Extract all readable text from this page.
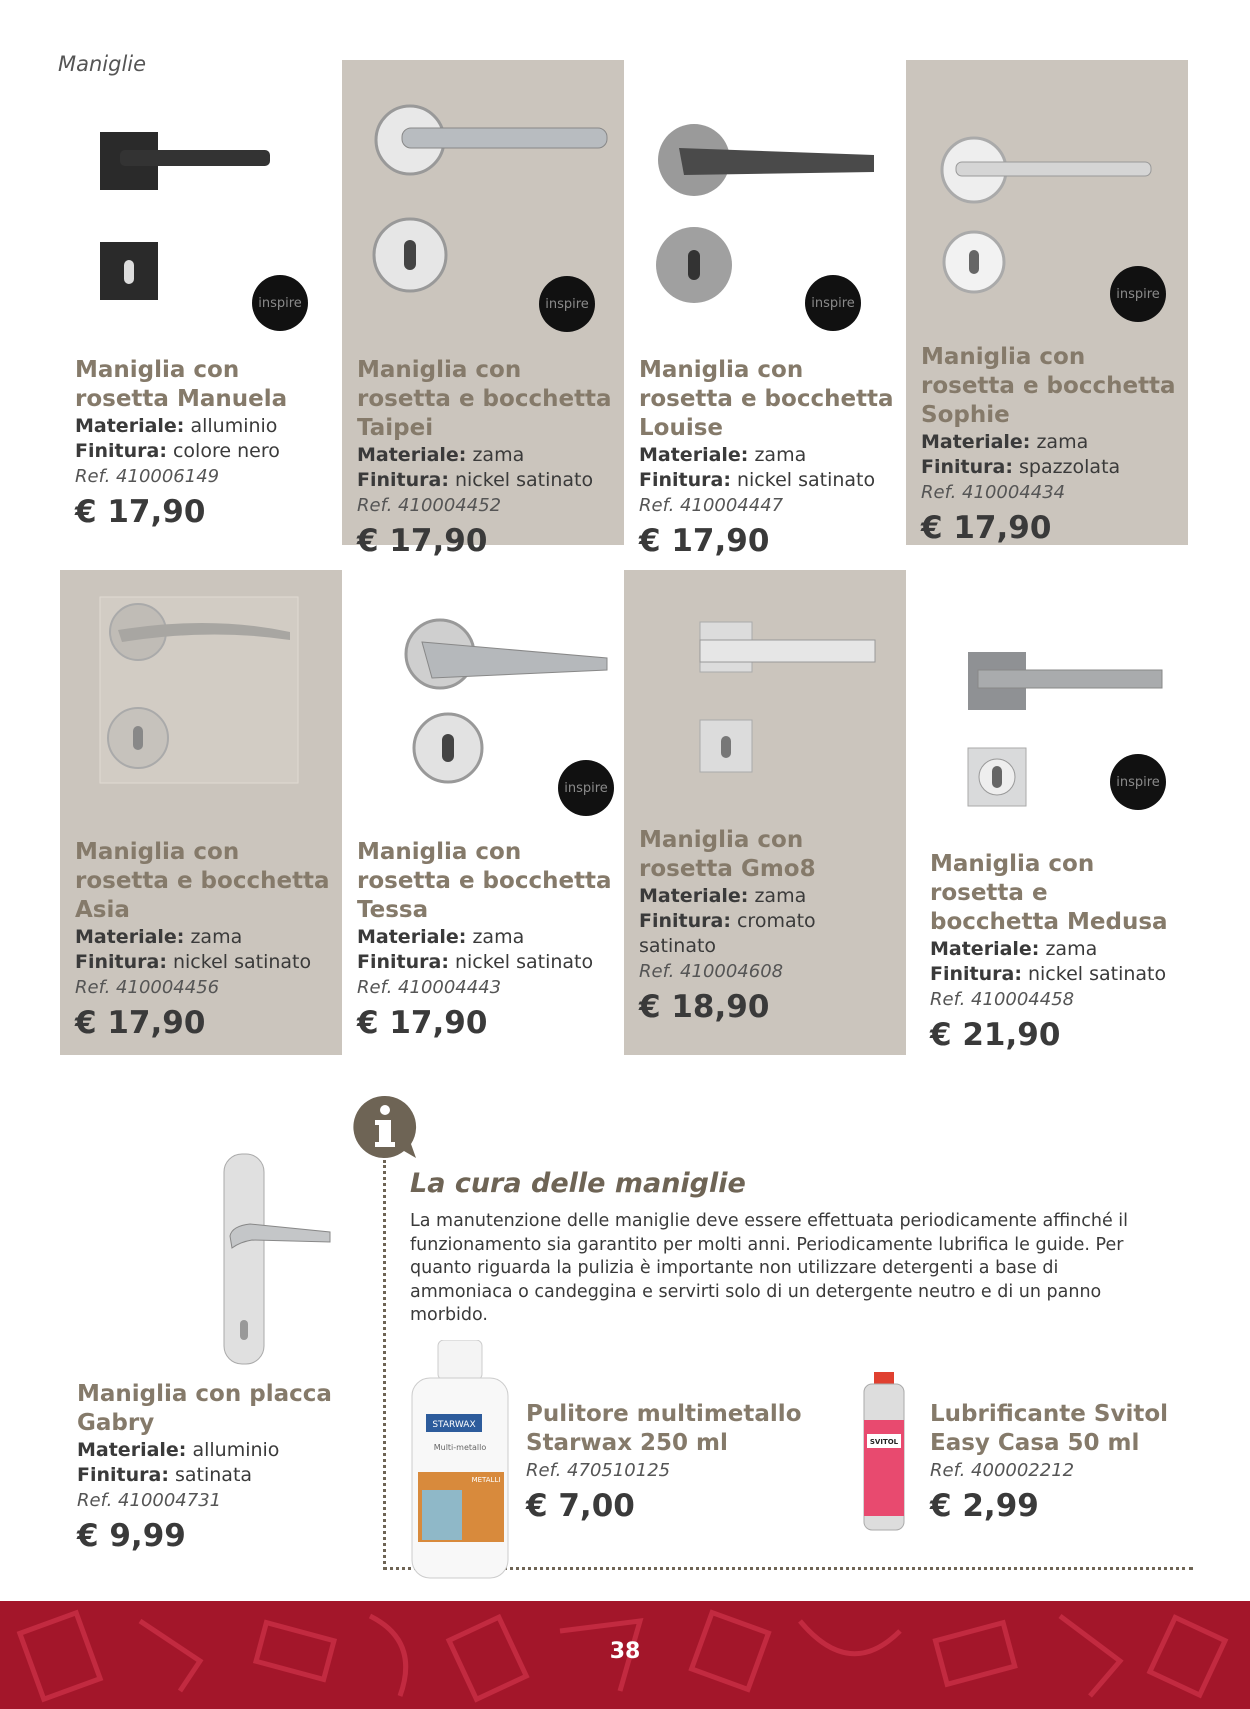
Maniglie
inspire

Maniglia con rosetta Manuela

Materiale: alluminio
Finitura: colore nero
Ref. 410006149
€ 17,90
inspire

Maniglia con rosetta e bocchetta Taipei

Materiale: zama
Finitura: nickel satinato
Ref. 410004452
€ 17,90
inspire

Maniglia con rosetta e bocchetta Louise

Materiale: zama
Finitura: nickel satinato
Ref. 410004447
€ 17,90
inspire

Maniglia con rosetta e bocchetta Sophie

Materiale: zama
Finitura: spazzolata
Ref. 410004434
€ 17,90

Maniglia con rosetta e bocchetta Asia

Materiale: zama
Finitura: nickel satinato
Ref. 410004456
€ 17,90
inspire

Maniglia con rosetta e bocchetta Tessa

Materiale: zama
Finitura: nickel satinato
Ref. 410004443
€ 17,90

Maniglia con rosetta Gmo8

Materiale: zama
Finitura: cromato satinato
Ref. 410004608
€ 18,90
inspire

Maniglia con rosetta e bocchetta Medusa

Materiale: zama
Finitura: nickel satinato
Ref. 410004458
€ 21,90

Maniglia con placca Gabry

Materiale: alluminio
Finitura: satinata
Ref. 410004731
€ 9,99
La cura delle maniglie
La manutenzione delle maniglie deve essere effettuata periodicamente affinché il funzionamento sia garantito per molti anni. Periodicamente lubrifica le guide. Per quanto riguarda la pulizia è importante non utilizzare detergenti a base di ammoniaca o candeggina e servirti solo di un detergente neutro e di un panno morbido.
STARWAX
Multi-metallo
METALLI

Pulitore multimetallo Starwax 250 ml

Ref. 470510125
€ 7,00
SVITOL

Lubrificante Svitol Easy Casa 50 ml

Ref. 400002212
€ 2,99
38
